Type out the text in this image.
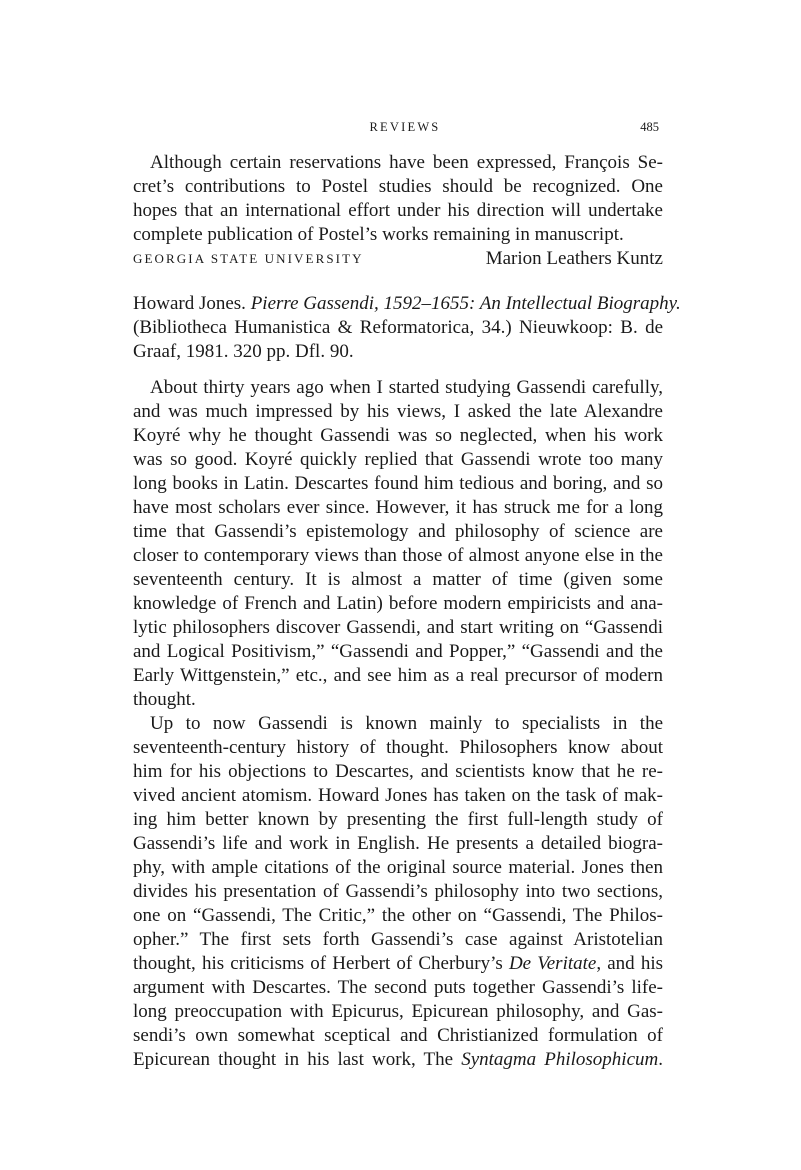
REVIEWS	485
Although certain reservations have been expressed, François Se-
cret’s contributions to Postel studies should be recognized. One
hopes that an international effort under his direction will undertake
complete publication of Postel’s works remaining in manuscript.
GEORGIA STATE UNIVERSITY	Marion Leathers Kuntz
Howard Jones. Pierre Gassendi, 1592–1655: An Intellectual Biography.
(Bibliotheca Humanistica & Reformatorica, 34.) Nieuwkoop: B. de
Graaf, 1981. 320 pp. Dfl. 90.
About thirty years ago when I started studying Gassendi carefully,
and was much impressed by his views, I asked the late Alexandre
Koyré why he thought Gassendi was so neglected, when his work
was so good. Koyré quickly replied that Gassendi wrote too many
long books in Latin. Descartes found him tedious and boring, and so
have most scholars ever since. However, it has struck me for a long
time that Gassendi’s epistemology and philosophy of science are
closer to contemporary views than those of almost anyone else in the
seventeenth century. It is almost a matter of time (given some
knowledge of French and Latin) before modern empiricists and ana-
lytic philosophers discover Gassendi, and start writing on “Gassendi
and Logical Positivism,” “Gassendi and Popper,” “Gassendi and the
Early Wittgenstein,” etc., and see him as a real precursor of modern
thought.
Up to now Gassendi is known mainly to specialists in the
seventeenth-century history of thought. Philosophers know about
him for his objections to Descartes, and scientists know that he re-
vived ancient atomism. Howard Jones has taken on the task of mak-
ing him better known by presenting the first full-length study of
Gassendi’s life and work in English. He presents a detailed biogra-
phy, with ample citations of the original source material. Jones then
divides his presentation of Gassendi’s philosophy into two sections,
one on “Gassendi, The Critic,” the other on “Gassendi, The Philos-
opher.” The first sets forth Gassendi’s case against Aristotelian
thought, his criticisms of Herbert of Cherbury’s De Veritate, and his
argument with Descartes. The second puts together Gassendi’s life-
long preoccupation with Epicurus, Epicurean philosophy, and Gas-
sendi’s own somewhat sceptical and Christianized formulation of
Epicurean thought in his last work, The Syntagma Philosophicum.
